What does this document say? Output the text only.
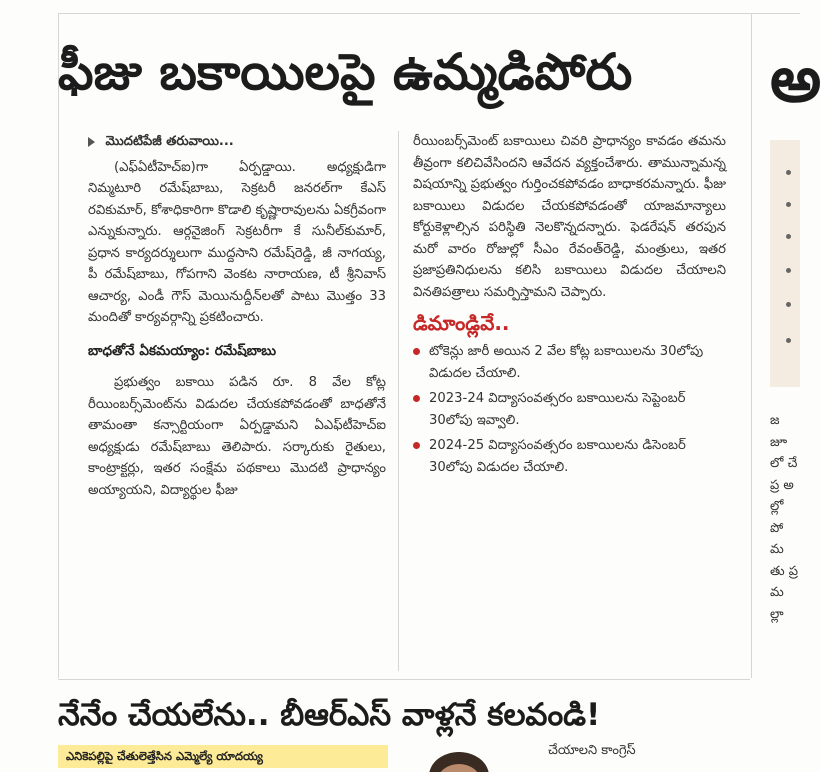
ఫీజు బకాయిలపై ఉమ్మడిపోరు
మొదటిపేజీ తరువాయి...

(ఎఫ్ఏటీహెచ్ఐ)గా ఏర్పడ్డాయి. అధ్యక్షుడిగా నిమ్మటూరి రమేష్‌బాబు, సెక్రటరీ జనరల్‌గా కేఎస్ రవికుమార్, కోశాధికారిగా కొడాలి కృష్ణారావులను ఏకగ్రీవంగా ఎన్నుకున్నారు. ఆర్గనైజింగ్ సెక్రటరీగా కే సునీల్‌కుమార్, ప్రధాన కార్యదర్శులుగా ముద్దసాని రమేష్‌రెడ్డి, జీ నాగయ్య, పీ రమేష్‌బాబు, గోపగాని వెంకట నారాయణ, టీ శ్రీనివాస్ ఆచార్య, ఎండీ గౌస్ మెయినుద్దీన్‌లతో పాటు మొత్తం 33 మందితో కార్యవర్గాన్ని ప్రకటించారు.

బాధతోనే ఏకమయ్యాం: రమేష్‌బాబు

ప్రభుత్వం బకాయి పడిన రూ. 8 వేల కోట్ల రీయింబర్స్‌మెంట్‌ను విడుదల చేయకపోవడంతో బాధతోనే తామంతా కన్సార్టియంగా ఏర్పడ్డామని ఏఎఫ్‌టీహెచ్ఐ అధ్యక్షుడు రమేష్‌బాబు తెలిపారు. సర్కారుకు రైతులు, కాంట్రాక్టర్లు, ఇతర సంక్షేమ పథకాలు మొదటి ప్రాధాన్యం అయ్యాయని, విద్యార్థుల ఫీజు

రీయింబర్స్‌మెంట్ బకాయిలు చివరి ప్రాధాన్యం కావడం తమను తీవ్రంగా కలిచివేసిందని ఆవేదన వ్యక్తంచేశారు. తామున్నామన్న విషయాన్ని ప్రభుత్వం గుర్తించకపోవడం బాధాకరమన్నారు. ఫీజు బకాయిలు విడుదల చేయకపోవడంతో యాజమాన్యాలు కోర్టుకెళ్లాల్సిన పరిస్థితి నెలకొన్నదన్నారు. ఫెడరేషన్ తరపున మరో వారం రోజుల్లో సీఎం రేవంత్‌రెడ్డి, మంత్రులు, ఇతర ప్రజాప్రతినిధులను కలిసి బకాయిలు విడుదల చేయాలని వినతిపత్రాలు సమర్పిస్తామని చెప్పారు.

డిమాండ్లివే..
టోకెన్లు జారీ అయిన 2 వేల కోట్ల బకాయిలను 30లోపు విడుదల చేయాలి.
2023-24 విద్యాసంవత్సరం బకాయిలను సెప్టెంబర్ 30లోపు ఇవ్వాలి.
2024-25 విద్యాసంవత్సరం బకాయిలను డిసెంబర్ 30లోపు విడుదల చేయాలి.
నేనేం చేయలేను.. బీఆర్ఎస్ వాళ్లనే కలవండి!
ఎనికెపల్లిపై చేతులెత్తేసిన ఎమ్మెల్యే యాదయ్య	చేయాలని కాంగ్రెస్
అ
జ జూ లో చే ప్ర అ ల్లో పో మ తు ప్ర మ ల్లా
